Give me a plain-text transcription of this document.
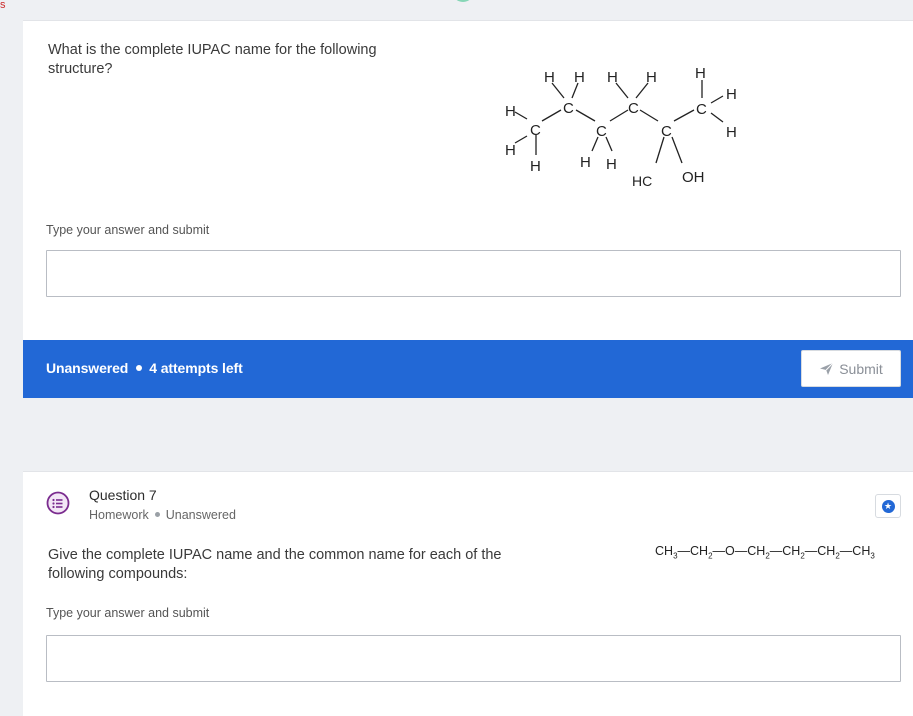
s
What is the complete IUPAC name for the following structure?
Type your answer and submit
H
H
C
H
H H
C
C
H H
H H
C
C
HC OH
H
C
H
H
Unanswered 4 attempts left	Submit
Question 7
Homework Unanswered
★
Give the complete IUPAC name and the common name for each of the following compounds:
Type your answer and submit
$CH_3—CH_2—O—CH_2—CH_2—CH_2—CH_3$
